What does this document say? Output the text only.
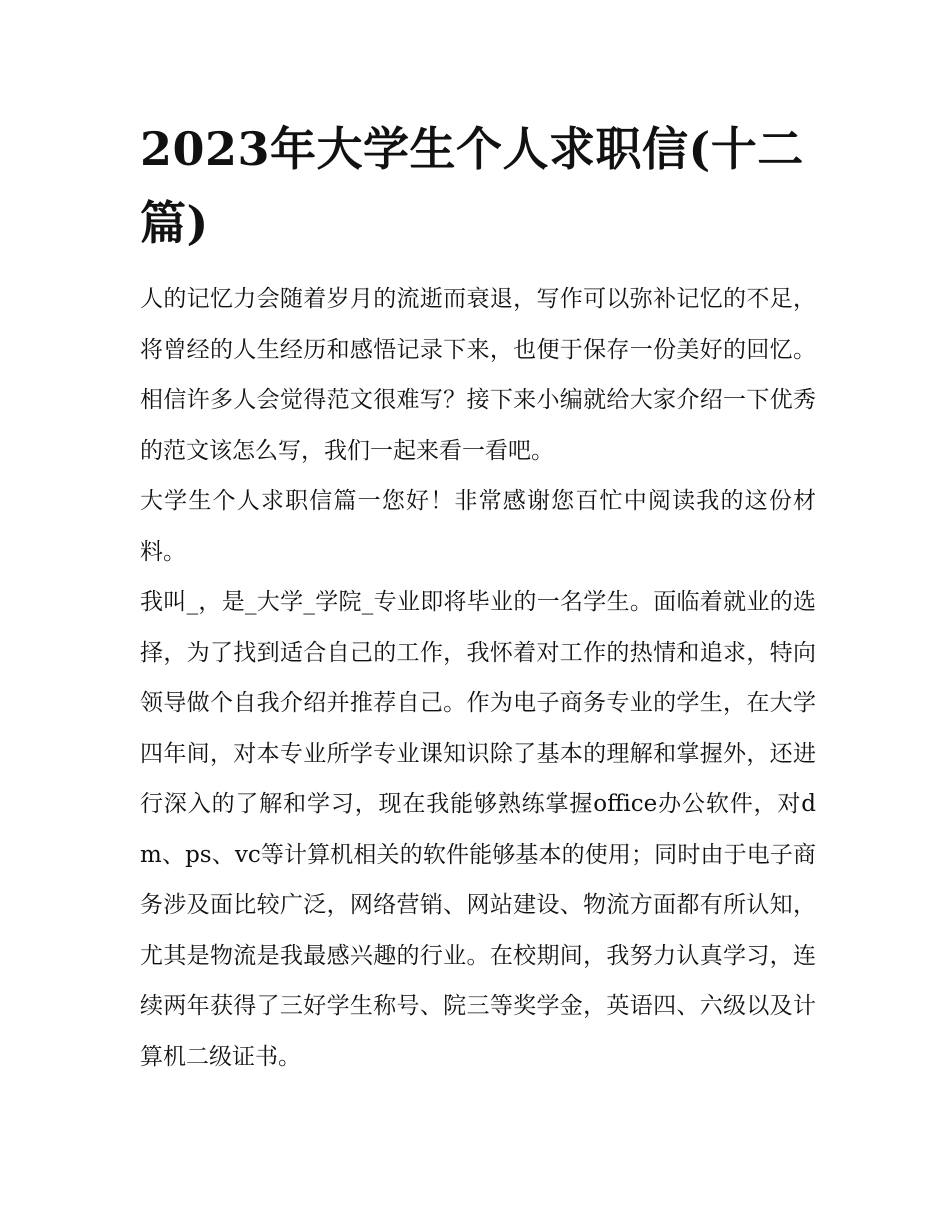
2023年大学生个人求职信(十二篇)

人的记忆力会随着岁月的流逝而衰退，写作可以弥补记忆的不足，将曾经的人生经历和感悟记录下来，也便于保存一份美好的回忆。相信许多人会觉得范文很难写？接下来小编就给大家介绍一下优秀的范文该怎么写，我们一起来看一看吧。

大学生个人求职信篇一您好！非常感谢您百忙中阅读我的这份材料。

我叫_，是_大学_学院_专业即将毕业的一名学生。面临着就业的选择，为了找到适合自己的工作，我怀着对工作的热情和追求，特向领导做个自我介绍并推荐自己。作为电子商务专业的学生，在大学四年间，对本专业所学专业课知识除了基本的理解和掌握外，还进行深入的了解和学习，现在我能够熟练掌握office办公软件，对dm、ps、vc等计算机相关的软件能够基本的使用；同时由于电子商务涉及面比较广泛，网络营销、网站建设、物流方面都有所认知，尤其是物流是我最感兴趣的行业。在校期间，我努力认真学习，连续两年获得了三好学生称号、院三等奖学金，英语四、六级以及计算机二级证书。
